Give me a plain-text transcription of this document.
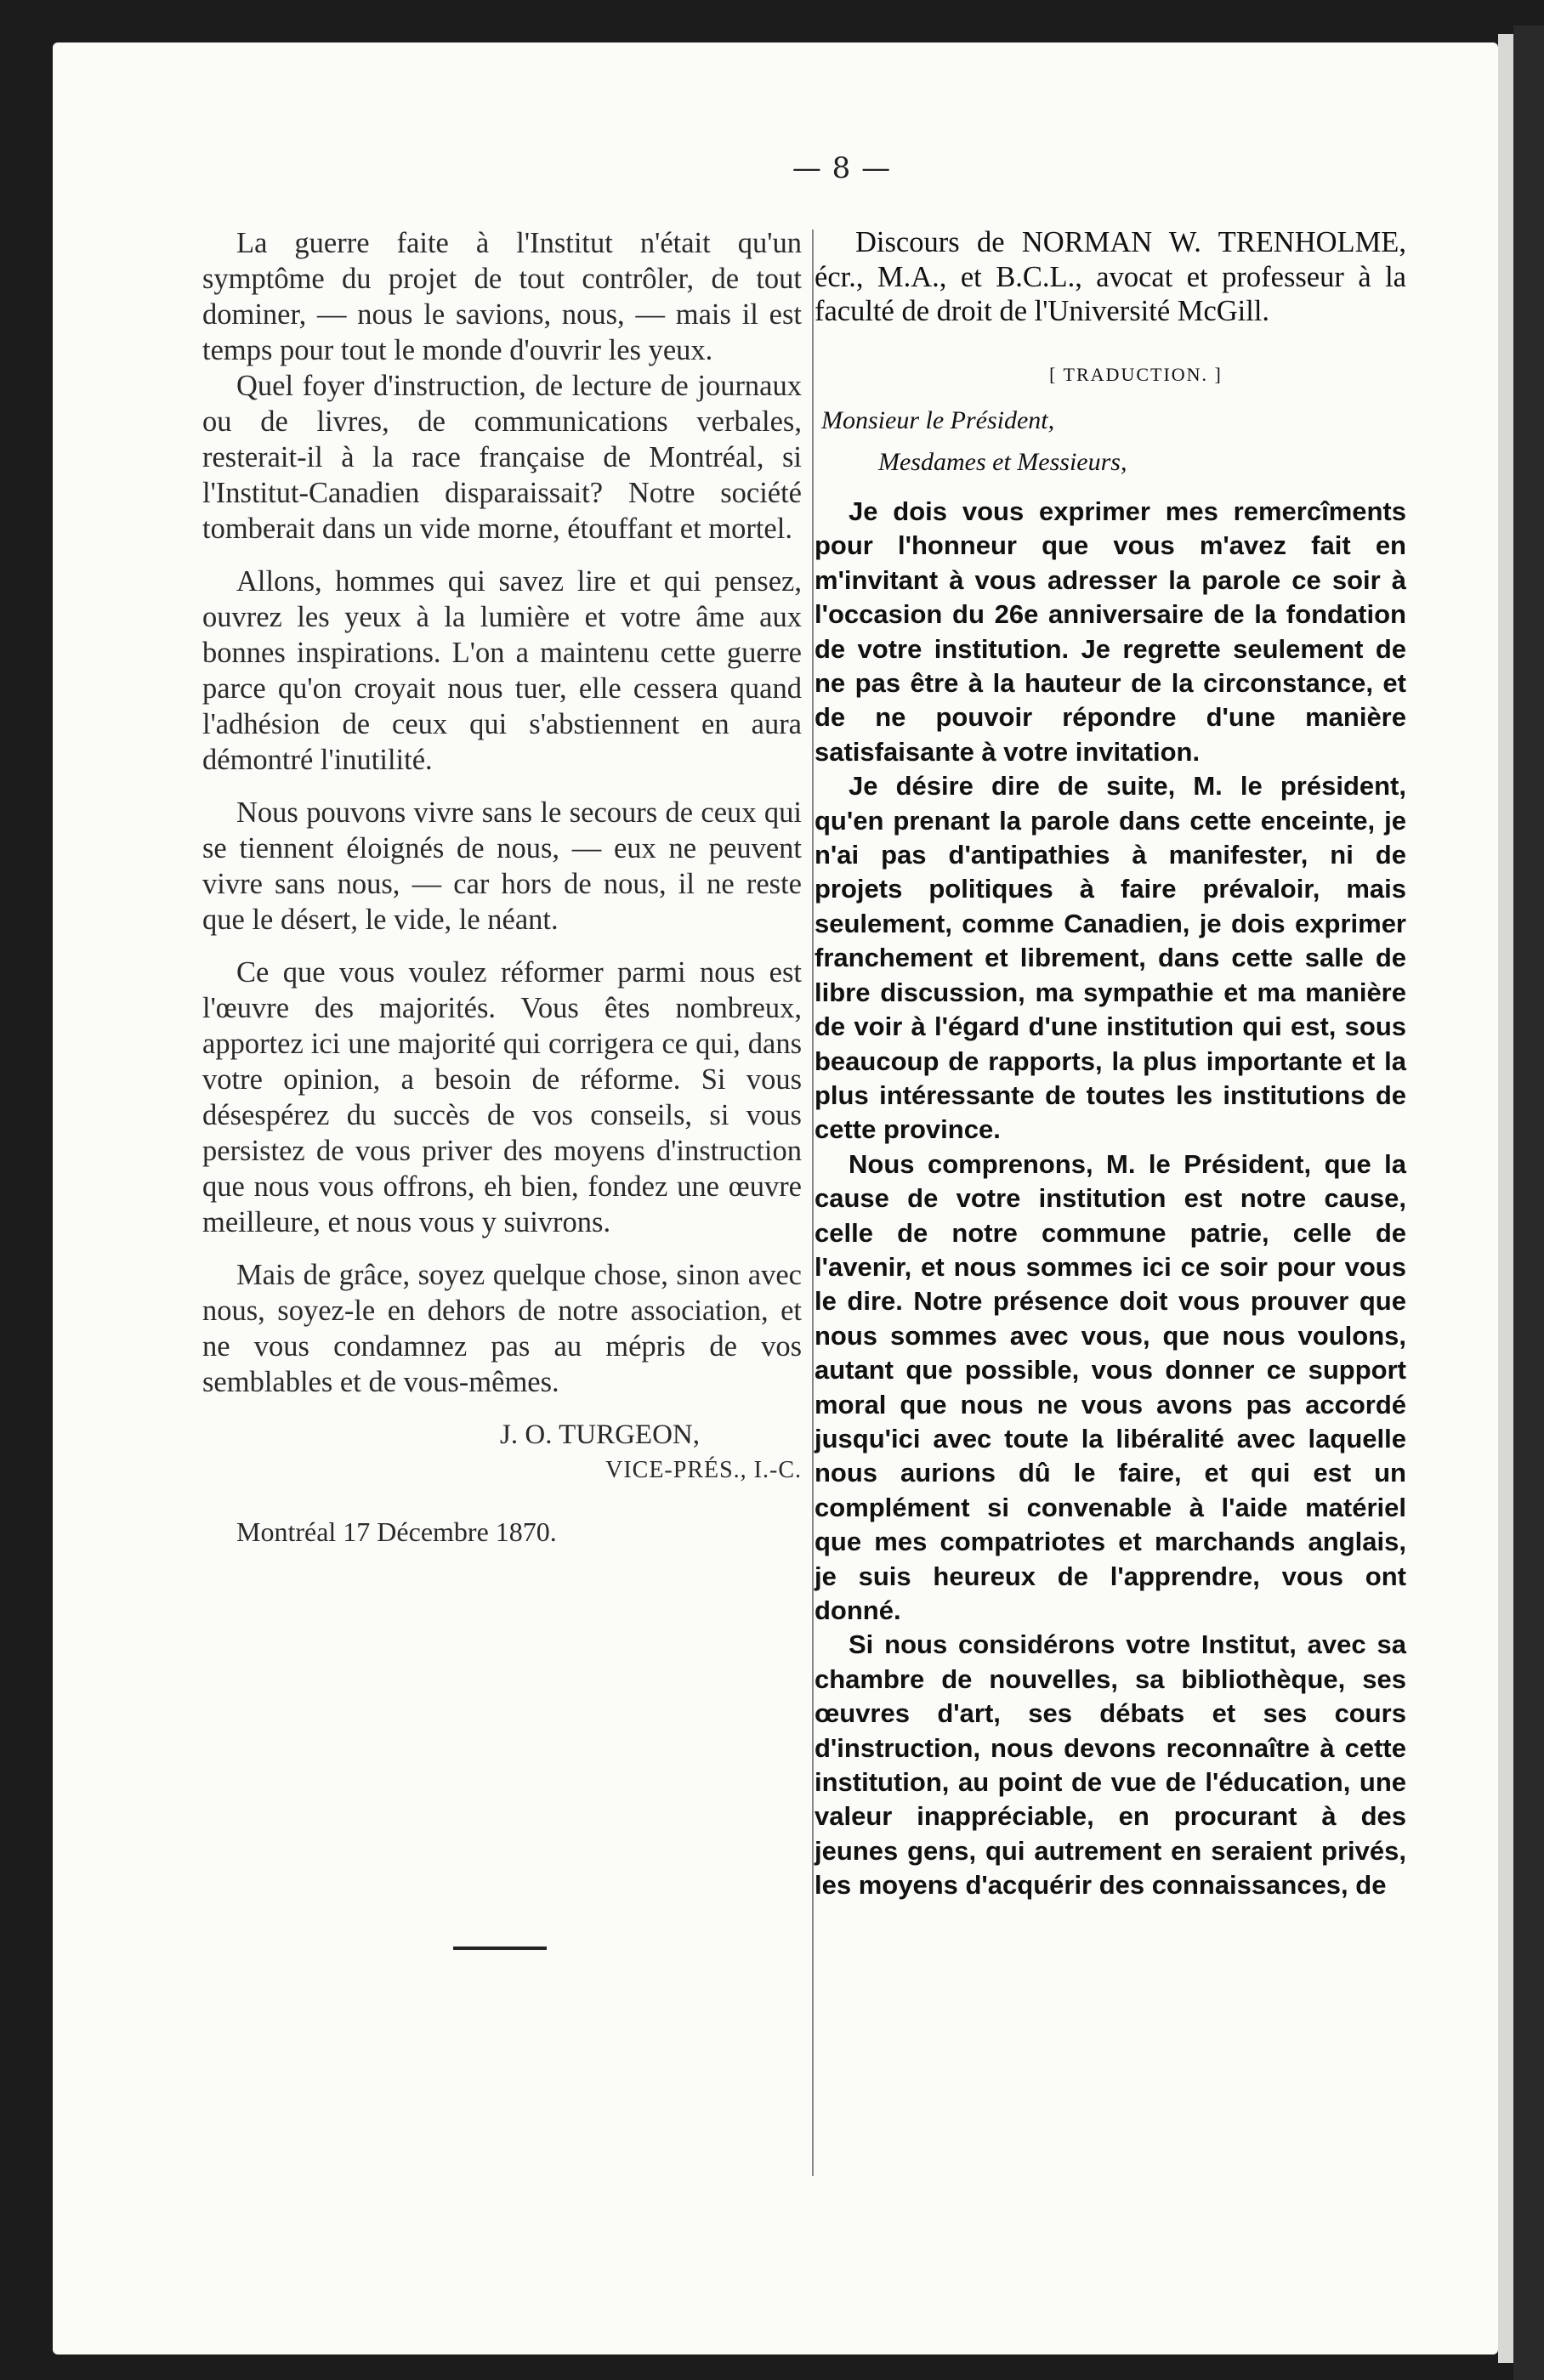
— 8 —

La guerre faite à l'Institut n'était qu'un symptôme du projet de tout contrôler, de tout dominer, — nous le savions, nous, — mais il est temps pour tout le monde d'ouvrir les yeux.

Quel foyer d'instruction, de lecture de journaux ou de livres, de communications verbales, resterait-il à la race française de Montréal, si l'Institut-Canadien disparaissait? Notre société tomberait dans un vide morne, étouffant et mortel.

Allons, hommes qui savez lire et qui pensez, ouvrez les yeux à la lumière et votre âme aux bonnes inspirations. L'on a maintenu cette guerre parce qu'on croyait nous tuer, elle cessera quand l'adhésion de ceux qui s'abstiennent en aura démontré l'inutilité.

Nous pouvons vivre sans le secours de ceux qui se tiennent éloignés de nous, — eux ne peuvent vivre sans nous, — car hors de nous, il ne reste que le désert, le vide, le néant.

Ce que vous voulez réformer parmi nous est l'œuvre des majorités. Vous êtes nombreux, apportez ici une majorité qui corrigera ce qui, dans votre opinion, a besoin de réforme. Si vous désespérez du succès de vos conseils, si vous persistez de vous priver des moyens d'instruction que nous vous offrons, eh bien, fondez une œuvre meilleure, et nous vous y suivrons.

Mais de grâce, soyez quelque chose, sinon avec nous, soyez-le en dehors de notre association, et ne vous condamnez pas au mépris de vos semblables et de vous-mêmes.

J. O. TURGEON,

VICE-PRÉS., I.-C.

Montréal 17 Décembre 1870.

Discours de NORMAN W. TRENHOLME, écr., M.A., et B.C.L., avocat et professeur à la faculté de droit de l'Université McGill.

[ TRADUCTION. ]

Monsieur le Président,

Mesdames et Messieurs,

Je dois vous exprimer mes remercîments pour l'honneur que vous m'avez fait en m'invitant à vous adresser la parole ce soir à l'occasion du 26e anniversaire de la fondation de votre institution. Je regrette seulement de ne pas être à la hauteur de la circonstance, et de ne pouvoir répondre d'une manière satisfaisante à votre invitation.

Je désire dire de suite, M. le président, qu'en prenant la parole dans cette enceinte, je n'ai pas d'antipathies à manifester, ni de projets politiques à faire prévaloir, mais seulement, comme Canadien, je dois exprimer franchement et librement, dans cette salle de libre discussion, ma sympathie et ma manière de voir à l'égard d'une institution qui est, sous beaucoup de rapports, la plus importante et la plus intéressante de toutes les institutions de cette province.

Nous comprenons, M. le Président, que la cause de votre institution est notre cause, celle de notre commune patrie, celle de l'avenir, et nous sommes ici ce soir pour vous le dire. Notre présence doit vous prouver que nous sommes avec vous, que nous voulons, autant que possible, vous donner ce support moral que nous ne vous avons pas accordé jusqu'ici avec toute la libéralité avec laquelle nous aurions dû le faire, et qui est un complément si convenable à l'aide matériel que mes compatriotes et marchands anglais, je suis heureux de l'apprendre, vous ont donné.

Si nous considérons votre Institut, avec sa chambre de nouvelles, sa bibliothèque, ses œuvres d'art, ses débats et ses cours d'instruction, nous devons reconnaître à cette institution, au point de vue de l'éducation, une valeur inappréciable, en procurant à des jeunes gens, qui autrement en seraient privés, les moyens d'acquérir des connaissances, de
